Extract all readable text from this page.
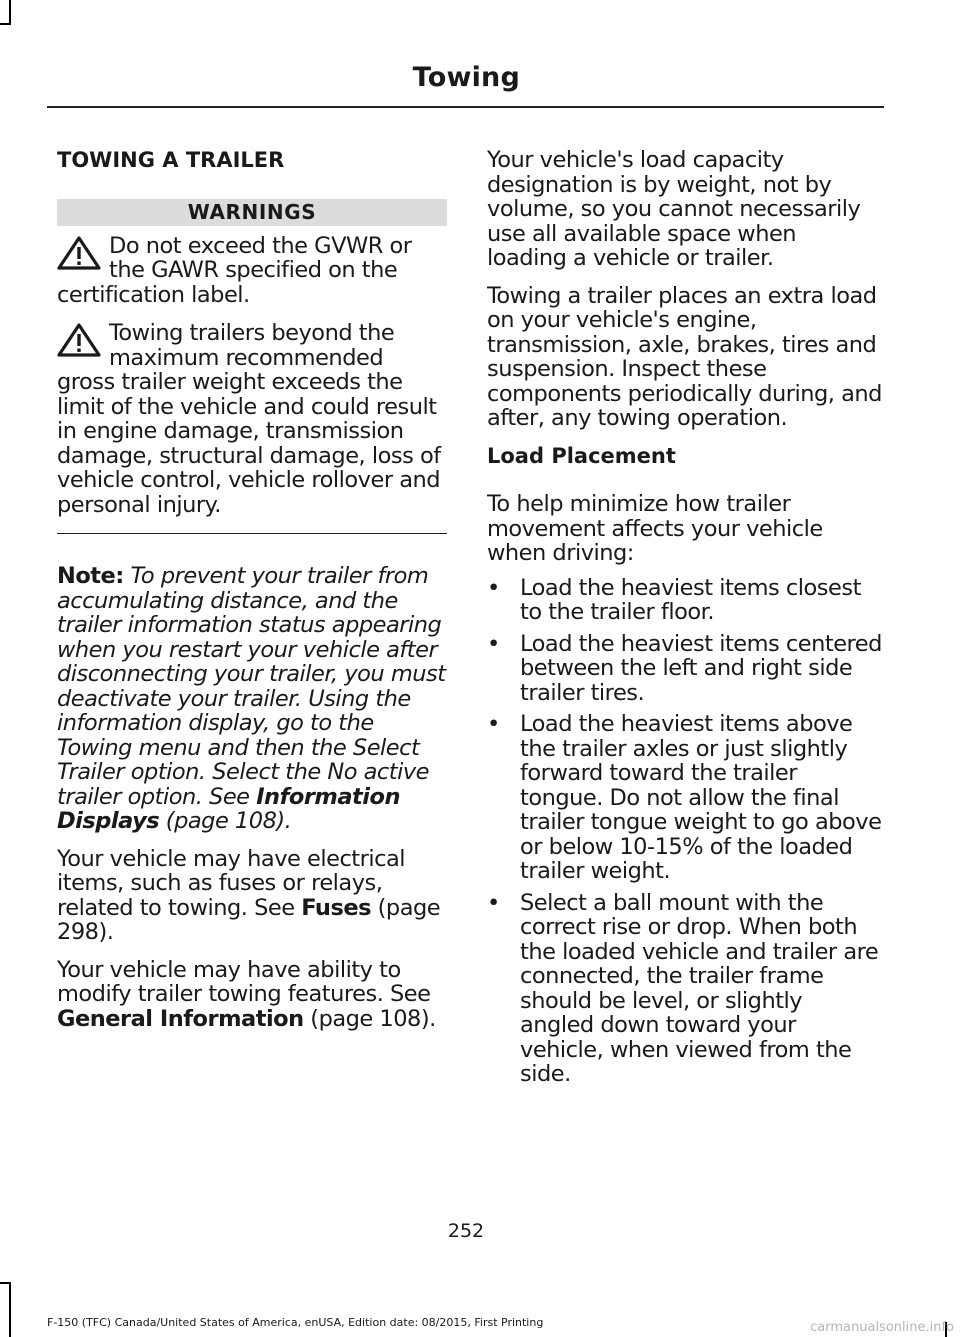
Towing
TOWING A TRAILER
WARNINGS
Do not exceed the GVWR or the GAWR specified on the certification label.
Towing trailers beyond the maximum recommended gross trailer weight exceeds the limit of the vehicle and could result in engine damage, transmission damage, structural damage, loss of vehicle control, vehicle rollover and personal injury.

Note: To prevent your trailer from accumulating distance, and the trailer information status appearing when you restart your vehicle after disconnecting your trailer, you must deactivate your trailer. Using the information display, go to the Towing menu and then the Select Trailer option. Select the No active trailer option. See Information Displays (page 108).

Your vehicle may have electrical items, such as fuses or relays, related to towing. See Fuses (page 298).

Your vehicle may have ability to modify trailer towing features. See General Information (page 108).

Your vehicle's load capacity designation is by weight, not by volume, so you cannot necessarily use all available space when loading a vehicle or trailer.

Towing a trailer places an extra load on your vehicle's engine, transmission, axle, brakes, tires and suspension. Inspect these components periodically during, and after, any towing operation.

Load Placement

To help minimize how trailer movement affects your vehicle when driving:

• Load the heaviest items closest to the trailer floor.
• Load the heaviest items centered between the left and right side trailer tires.
• Load the heaviest items above the trailer axles or just slightly forward toward the trailer tongue. Do not allow the final trailer tongue weight to go above or below 10-15% of the loaded trailer weight.
• Select a ball mount with the correct rise or drop. When both the loaded vehicle and trailer are connected, the trailer frame should be level, or slightly angled down toward your vehicle, when viewed from the side.
252
F-150 (TFC) Canada/United States of America, enUSA, Edition date: 08/2015, First Printing	carmanualsonline.info
